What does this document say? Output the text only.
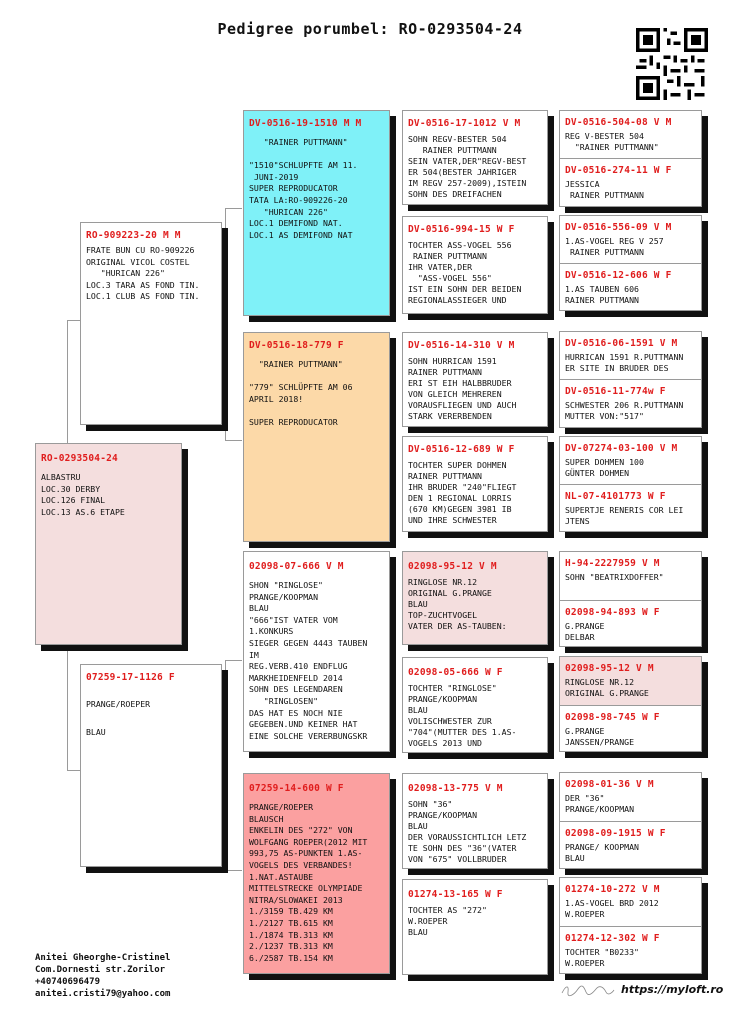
Pedigree porumbel: RO-0293504-24
RO-0293504-24
ALBASTRU
LOC.30 DERBY
LOC.126 FINAL
LOC.13 AS.6 ETAPE
RO-909223-20 M M
FRATE BUN CU RO-909226
ORIGINAL VICOL COSTEL
"HURICAN 226"
LOC.3 TARA AS FOND TIN.
LOC.1 CLUB AS FOND TIN.
07259-17-1126 F
PRANGE/ROEPER

BLAU
DV-0516-19-1510 M M
"RAINER PUTTMANN"

"1510"SCHLUPFTE AM 11.
JUNI-2019
SUPER REPRODUCATOR
TATA LA:RO-909226-20
"HURICAN 226"
LOC.1 DEMIFOND NAT.
LOC.1 AS DEMIFOND NAT
DV-0516-18-779 F
"RAINER PUTTMANN"

"779" SCHLÜPFTE AM 06
APRIL 2018!

SUPER REPRODUCATOR
02098-07-666 V M
SHON "RINGLOSE"
PRANGE/KOOPMAN
BLAU
"666"IST VATER VOM
1.KONKURS
SIEGER GEGEN 4443 TAUBEN
IM
REG.VERB.410 ENDFLUG
MARKHEIDENFELD 2014
SOHN DES LEGENDAREN
"RINGLOSEN"
DAS HAT ES NOCH NIE
GEGEBEN.UND KEINER HAT
EINE SOLCHE VERERBUNGSKR
07259-14-600 W F
PRANGE/ROEPER
BLAUSCH
ENKELIN DES "272" VON
WOLFGANG ROEPER(2012 MIT
993,75 AS-PUNKTEN 1.AS-
VOGELS DES VERBANDES!
1.NAT.ASTAUBE
MITTELSTRECKE OLYMPIADE
NITRA/SLOWAKEI 2013
1./3159 TB.429 KM
1./2127 TB.615 KM
1./1874 TB.313 KM
2./1237 TB.313 KM
6./2587 TB.154 KM
DV-0516-17-1012 V M
SOHN REGV-BESTER 504
RAINER PUTTMANN
SEIN VATER,DER"REGV-BEST
ER 504(BESTER JAHRIGER
IM REGV 257-2009),ISTEIN
SOHN DES DREIFACHEN
DV-0516-994-15 W F
TOCHTER ASS-VOGEL 556
RAINER PUTTMANN
IHR VATER,DER
"ASS-VOGEL 556"
IST EIN SOHN DER BEIDEN
REGIONALASSIEGER UND
DV-0516-14-310 V M
SOHN HURRICAN 1591
RAINER PUTTMANN
ERI ST EIH HALBBRUDER
VON GLEICH MEHREREN
VORAUSFLIEGEN UND AUCH
STARK VERERBENDEN
DV-0516-12-689 W F
TOCHTER SUPER DOHMEN
RAINER PUTTMANN
IHR BRUDER "240"FLIEGT
DEN 1 REGIONAL LORRIS
(670 KM)GEGEN 3981 IB
UND IHRE SCHWESTER
02098-95-12 V M
RINGLOSE NR.12
ORIGINAL G.PRANGE
BLAU
TOP-ZUCHTVOGEL
VATER DER AS-TAUBEN:
02098-05-666 W F
TOCHTER "RINGLOSE"
PRANGE/KOOPMAN
BLAU
VOLISCHWESTER ZUR
"704"(MUTTER DES 1.AS-
VOGELS 2013 UND
02098-13-775 V M
SOHN "36"
PRANGE/KOOPMAN
BLAU
DER VORAUSSICHTLICH LETZ
TE SOHN DES "36"(VATER
VON "675" VOLLBRUDER
01274-13-165 W F
TOCHTER AS "272"
W.ROEPER
BLAU
DV-0516-504-08 V M
REG V-BESTER 504
"RAINER PUTTMANN"
DV-0516-274-11 W F
JESSICA
RAINER PUTTMANN
DV-0516-556-09 V M
1.AS-VOGEL REG V 257
RAINER PUTTMANN
DV-0516-12-606 W F
1.AS TAUBEN 606
RAINER PUTTMANN
DV-0516-06-1591 V M
HURRICAN 1591 R.PUTTMANN
ER SITE IN BRUDER DES
DV-0516-11-774w F
SCHWESTER 206 R.PUTTMANN
MUTTER VON:"517"
DV-07274-03-100 V M
SUPER DOHMEN 100
GÜNTER DOHMEN
NL-07-4101773 W F
SUPERTJE RENERIS COR LEI
JTENS
H-94-2227959 V M
SOHN "BEATRIXDOFFER"
02098-94-893 W F
G.PRANGE
DELBAR
02098-95-12 V M
RINGLOSE NR.12
ORIGINAL G.PRANGE
02098-98-745 W F
G.PRANGE
JANSSEN/PRANGE
02098-01-36 V M
DER "36"
PRANGE/KOOPMAN
02098-09-1915 W F
PRANGE/ KOOPMAN
BLAU
01274-10-272 V M
1.AS-VOGEL BRD 2012
W.ROEPER
01274-12-302 W F
TOCHTER "B0233"
W.ROEPER
Anitei Gheorghe-Cristinel
Com.Dornesti str.Zorilor
+40740696479
anitei.cristi79@yahoo.com	https://myloft.ro
